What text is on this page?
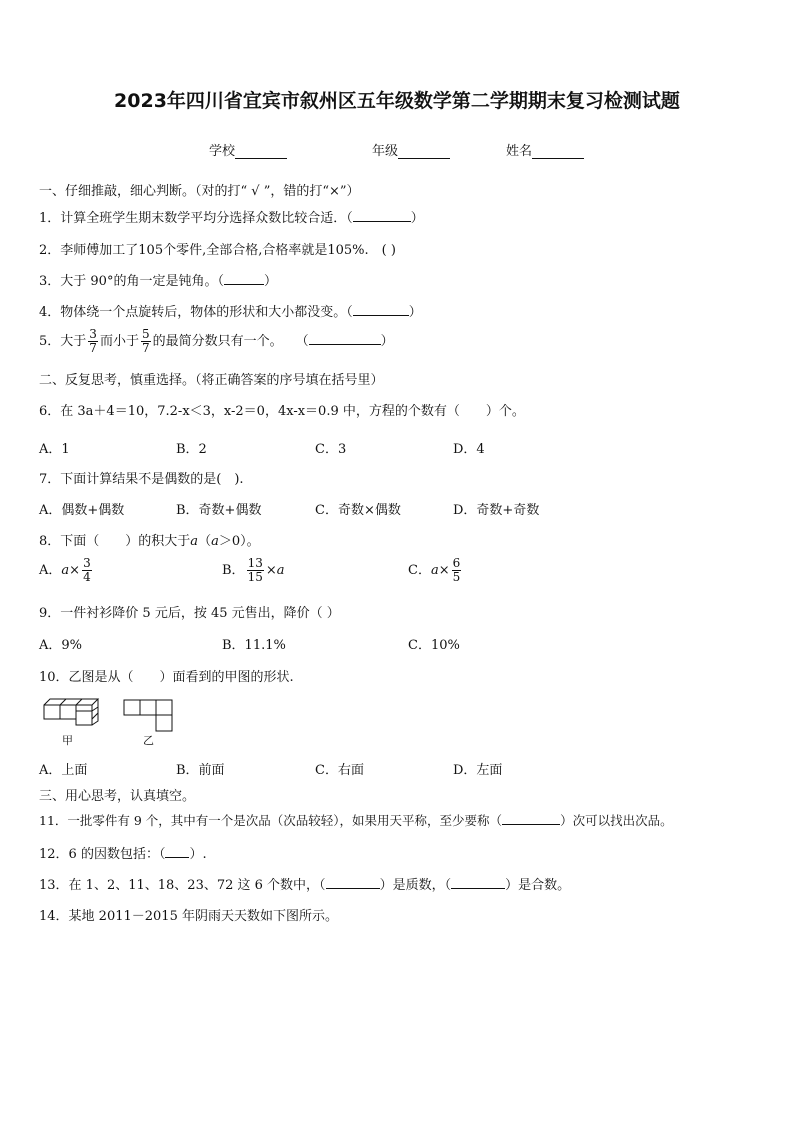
2023年四川省宜宾市叙州区五年级数学第二学期期末复习检测试题
学校	年级	姓名
一、仔细推敲，细心判断。（对的打“ √ ”，错的打“×”）
1．计算全班学生期末数学平均分选择众数比较合适．（	）
2．李师傅加工了105个零件,全部合格,合格率就是105%.　( )
3．大于 90°的角一定是钝角。（	）
4．物体绕一个点旋转后，物体的形状和大小都没变。（	）
5．大于 $\frac{3}{7}$ 而小于 $\frac{5}{7}$ 的最简分数只有一个。　　（	）
二、反复思考，慎重选择。（将正确答案的序号填在括号里）
6．在 3a＋4＝10，7.2-x＜3，x-2＝0，4x-x＝0.9 中，方程的个数有（　　）个。
A．1	B．2	C．3	D．4
7．下面计算结果不是偶数的是(　).
A．偶数+偶数	B．奇数+偶数	C．奇数×偶数	D．奇数+奇数
8．下面（　　）的积大于a（a＞0）。
A．$a\times \frac{3}{4}$	B． $\frac{13}{15} \times a$	C．$a\times \frac{6}{5}$
9．一件衬衫降价 5 元后，按 45 元售出，降价（ ）
A．9%	B．11.1%	C．10%
10．乙图是从（　　）面看到的甲图的形状.
甲	乙
A．上面	B．前面	C．右面	D．左面
三、用心思考，认真填空。
11．一批零件有 9 个，其中有一个是次品（次品较轻），如果用天平称，至少要称（	）次可以找出次品。
12．6 的因数包括：（ ）.
13．在 1、2、11、18、23、72 这 6 个数中，（	）是质数，（	）是合数。
14．某地 2011－2015 年阴雨天天数如下图所示。
